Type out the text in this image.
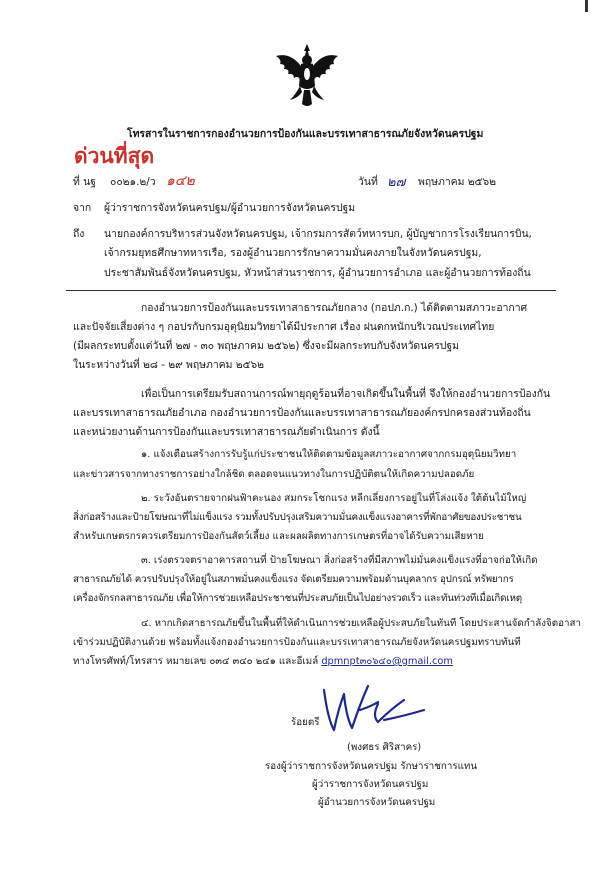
โทรสารในราชการกองอำนวยการป้องกันและบรรเทาสาธารณภัยจังหวัดนครปฐม
ด่วนที่สุด
ที่ นฐ ๐๐๒๑.๒/ว ๑๔๒	วันที่ ๒๗ พฤษภาคม ๒๕๖๒
จาก ผู้ว่าราชการจังหวัดนครปฐม/ผู้อำนวยการจังหวัดนครปฐม
ถึง นายกองค์การบริหารส่วนจังหวัดนครปฐม, เจ้ากรมการสัตว์ทหารบก, ผู้บัญชาการโรงเรียนการบิน,
เจ้ากรมยุทธศึกษาทหารเรือ, รองผู้อำนวยการรักษาความมั่นคงภายในจังหวัดนครปฐม,
ประชาสัมพันธ์จังหวัดนครปฐม, หัวหน้าส่วนราชการ, ผู้อำนวยการอำเภอ และผู้อำนวยการท้องถิ่น
กองอำนวยการป้องกันและบรรเทาสาธารณภัยกลาง (กอปภ.ก.) ได้ติดตามสภาวะอากาศ
และปัจจัยเสี่ยงต่าง ๆ กอปรกับกรมอุตุนิยมวิทยาได้มีประกาศ เรื่อง ฝนตกหนักบริเวณประเทศไทย
(มีผลกระทบตั้งแต่วันที่ ๒๗ - ๓๐ พฤษภาคม ๒๕๖๒) ซึ่งจะมีผลกระทบกับจังหวัดนครปฐม
ในระหว่างวันที่ ๒๘ - ๒๙ พฤษภาคม ๒๕๖๒
เพื่อเป็นการเตรียมรับสถานการณ์พายุฤดูร้อนที่อาจเกิดขึ้นในพื้นที่ จึงให้กองอำนวยการป้องกัน
และบรรเทาสาธารณภัยอำเภอ กองอำนวยการป้องกันและบรรเทาสาธารณภัยองค์กรปกครองส่วนท้องถิ่น
และหน่วยงานด้านการป้องกันและบรรเทาสาธารณภัยดำเนินการ ดังนี้
๑. แจ้งเตือนสร้างการรับรู้แก่ประชาชนให้ติดตามข้อมูลสภาวะอากาศจากกรมอุตุนิยมวิทยา
และข่าวสารจากทางราชการอย่างใกล้ชิด ตลอดจนแนวทางในการปฏิบัติตนให้เกิดความปลอดภัย
๒. ระวังอันตรายจากฝนฟ้าคะนอง สมกระโชกแรง หลีกเลี่ยงการอยู่ในที่โล่งแจ้ง ใต้ต้นไม้ใหญ่
สิ่งก่อสร้างและป้ายโฆษณาที่ไม่แข็งแรง รวมทั้งปรับปรุงเสริมความมั่นคงแข็งแรงอาคารที่พักอาศัยของประชาชน
สำหรับเกษตรกรควรเตรียมการป้องกันสัตว์เลี้ยง และผลผลิตทางการเกษตรที่อาจได้รับความเสียหาย
๓. เร่งตรวจตราอาคารสถานที่ ป้ายโฆษณา สิ่งก่อสร้างที่มีสภาพไม่มั่นคงแข็งแรงที่อาจก่อให้เกิด
สาธารณภัยได้ ควรปรับปรุงให้อยู่ในสภาพมั่นคงแข็งแรง จัดเตรียมความพร้อมด้านบุคลากร อุปกรณ์ ทรัพยากร
เครื่องจักรกลสาธารณภัย เพื่อให้การช่วยเหลือประชาชนที่ประสบภัยเป็นไปอย่างรวดเร็ว และทันท่วงทีเมื่อเกิดเหตุ
๔. หากเกิดสาธารณภัยขึ้นในพื้นที่ให้ดำเนินการช่วยเหลือผู้ประสบภัยในทันที โดยประสานจัดกำลังจิตอาสา
เข้าร่วมปฏิบัติงานด้วย พร้อมทั้งแจ้งกองอำนวยการป้องกันและบรรเทาสาธารณภัยจังหวัดนครปฐมทราบทันที
ทางโทรศัพท์/โทรสาร หมายเลข ๐๓๔ ๓๔๐ ๒๔๑ และอีเมล์ dpmnpt๓๐๖๔๐@gmail.com
ร้อยตรี
(พงศธร ศิริสาคร)
รองผู้ว่าราชการจังหวัดนครปฐม รักษาราชการแทน
ผู้ว่าราชการจังหวัดนครปฐม
ผู้อำนวยการจังหวัดนครปฐม
